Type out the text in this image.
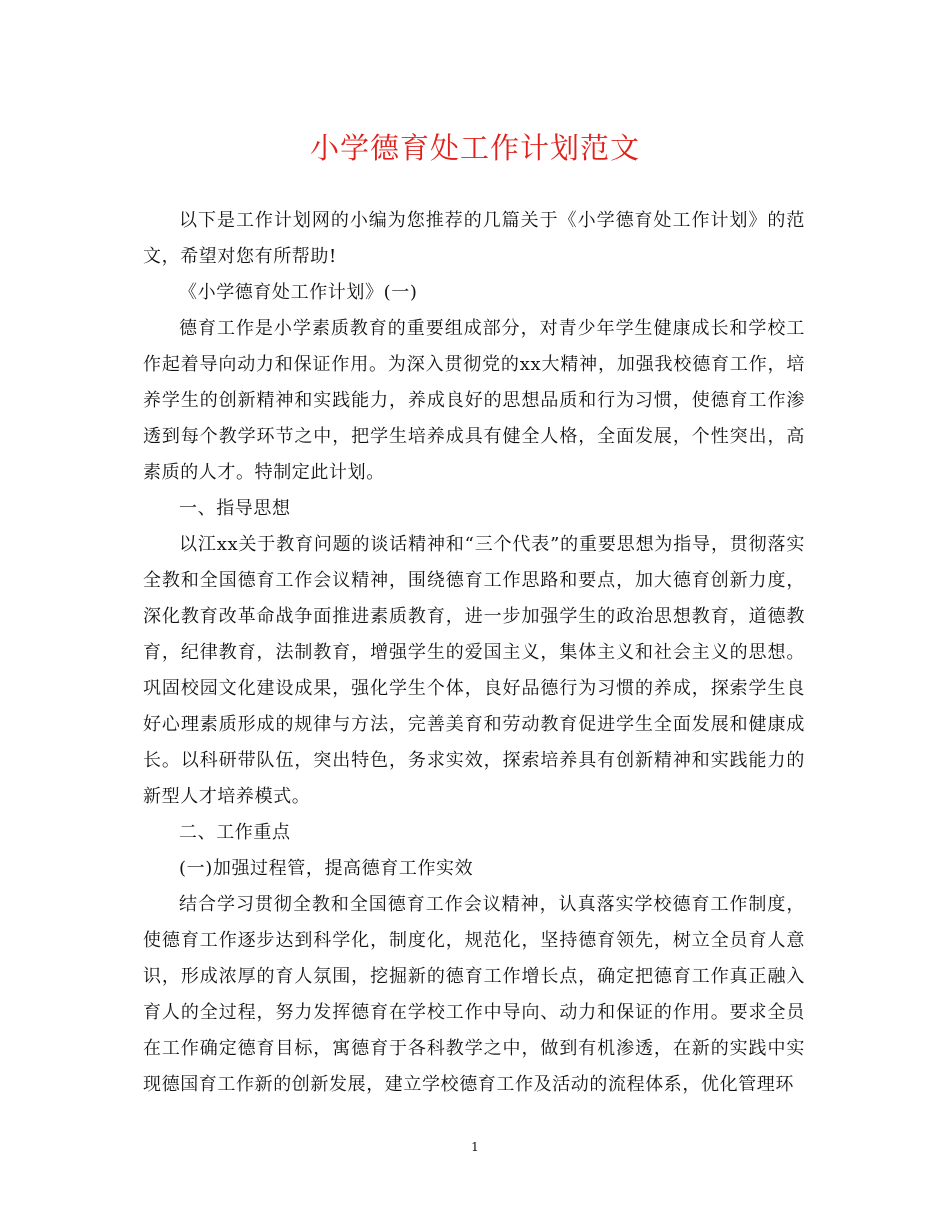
小学德育处工作计划范文

以下是工作计划网的小编为您推荐的几篇关于《小学德育处工作计划》的范文，希望对您有所帮助!

《小学德育处工作计划》(一)

德育工作是小学素质教育的重要组成部分，对青少年学生健康成长和学校工作起着导向动力和保证作用。为深入贯彻党的xx大精神，加强我校德育工作，培养学生的创新精神和实践能力，养成良好的思想品质和行为习惯，使德育工作渗透到每个教学环节之中，把学生培养成具有健全人格，全面发展，个性突出，高素质的人才。特制定此计划。

一、指导思想

以江xx关于教育问题的谈话精神和“三个代表”的重要思想为指导，贯彻落实全教和全国德育工作会议精神，围绕德育工作思路和要点，加大德育创新力度，深化教育改革命战争面推进素质教育，进一步加强学生的政治思想教育，道德教育，纪律教育，法制教育，增强学生的爱国主义，集体主义和社会主义的思想。巩固校园文化建设成果，强化学生个体，良好品德行为习惯的养成，探索学生良好心理素质形成的规律与方法，完善美育和劳动教育促进学生全面发展和健康成长。以科研带队伍，突出特色，务求实效，探索培养具有创新精神和实践能力的新型人才培养模式。

二、工作重点

(一)加强过程管，提高德育工作实效

结合学习贯彻全教和全国德育工作会议精神，认真落实学校德育工作制度，使德育工作逐步达到科学化，制度化，规范化，坚持德育领先，树立全员育人意识，形成浓厚的育人氛围，挖掘新的德育工作增长点，确定把德育工作真正融入育人的全过程，努力发挥德育在学校工作中导向、动力和保证的作用。要求全员在工作确定德育目标，寓德育于各科教学之中，做到有机渗透，在新的实践中实现德国育工作新的创新发展，建立学校德育工作及活动的流程体系，优化管理环

1
